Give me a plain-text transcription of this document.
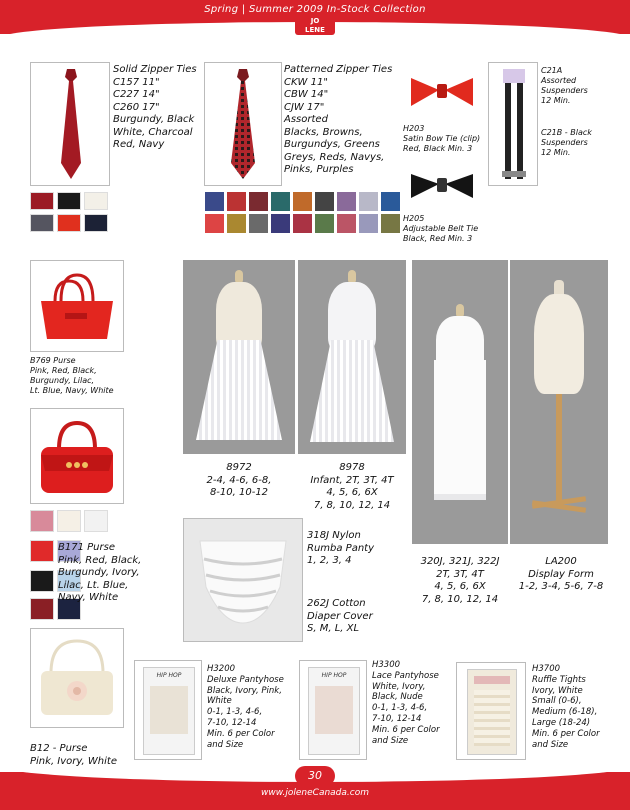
Spring | Summer 2009 In-Stock Collection
JO
LENE
Solid Zipper Ties
C157 11"
C227 14"
C260 17"
Burgundy, Black
White, Charcoal
Red, Navy
Patterned Zipper Ties
CKW 11"
CBW 14"
CJW 17"
Assorted
Blacks, Browns,
Burgundys, Greens
Greys, Reds, Navys,
Pinks, Purples
H203
Satin Bow Tie (clip)
Red, Black Min. 3
H205
Adjustable Belt Tie
Black, Red Min. 3
C21A
Assorted
Suspenders
12 Min.
C21B - Black
Suspenders
12 Min.
B769 Purse
Pink, Red, Black,
Burgundy, Lilac,
Lt. Blue, Navy, White
B171 Purse
Pink, Red, Black,
Burgundy, Ivory,
Lilac, Lt. Blue,
Navy, White
B12 - Purse
Pink, Ivory, White
8972
2-4, 4-6, 6-8,
8-10, 10-12
8978
Infant, 2T, 3T, 4T
4, 5, 6, 6X
7, 8, 10, 12, 14
320J, 321J, 322J
2T, 3T, 4T
4, 5, 6, 6X
7, 8, 10, 12, 14
LA200
Display Form
1-2, 3-4, 5-6, 7-8
318J Nylon
Rumba Panty
1, 2, 3, 4
262J Cotton
Diaper Cover
S, M, L, XL
HIP HOP
H3200
Deluxe Pantyhose
Black, Ivory, Pink,
White
0-1, 1-3, 4-6,
7-10, 12-14
Min. 6 per Color
and Size
HIP HOP
H3300
Lace Pantyhose
White, Ivory,
Black, Nude
0-1, 1-3, 4-6,
7-10, 12-14
Min. 6 per Color
and Size
H3700
Ruffle Tights
Ivory, White
Small (0-6),
Medium (6-18),
Large (18-24)
Min. 6 per Color
and Size
30
www.joleneCanada.com
